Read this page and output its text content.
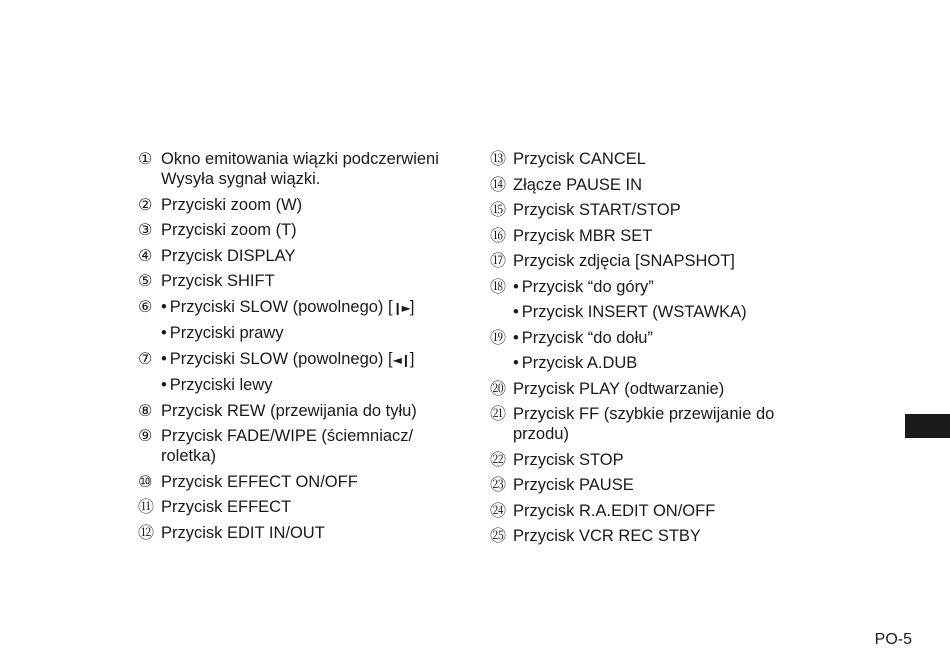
① Okno emitowania wiązki podczerwieni
Wysyła sygnał wiązki.
② Przyciski zoom (W)
③ Przyciski zoom (T)
④ Przycisk DISPLAY
⑤ Przycisk SHIFT
⑥	• Przyciski SLOW (powolnego) [❙►]
• Przyciski prawy
⑦	• Przyciski SLOW (powolnego) [◄❙]
• Przyciski lewy
⑧ Przycisk REW (przewijania do tyłu)
⑨ Przycisk FADE/WIPE (ściemniacz/
roletka)
⑩ Przycisk EFFECT ON/OFF
⑪ Przycisk EFFECT
⑫ Przycisk EDIT IN/OUT
⑬ Przycisk CANCEL
⑭ Złącze PAUSE IN
⑮ Przycisk START/STOP
⑯ Przycisk MBR SET
⑰ Przycisk zdjęcia [SNAPSHOT]
⑱ • Przycisk “do góry”
• Przycisk INSERT (WSTAWKA)
⑲ • Przycisk “do dołu”
• Przycisk A.DUB
⑳ Przycisk PLAY (odtwarzanie)
㉑ Przycisk FF (szybkie przewijanie do
przodu)
㉒ Przycisk STOP
㉓ Przycisk PAUSE
㉔ Przycisk R.A.EDIT ON/OFF
㉕ Przycisk VCR REC STBY
PO-5
